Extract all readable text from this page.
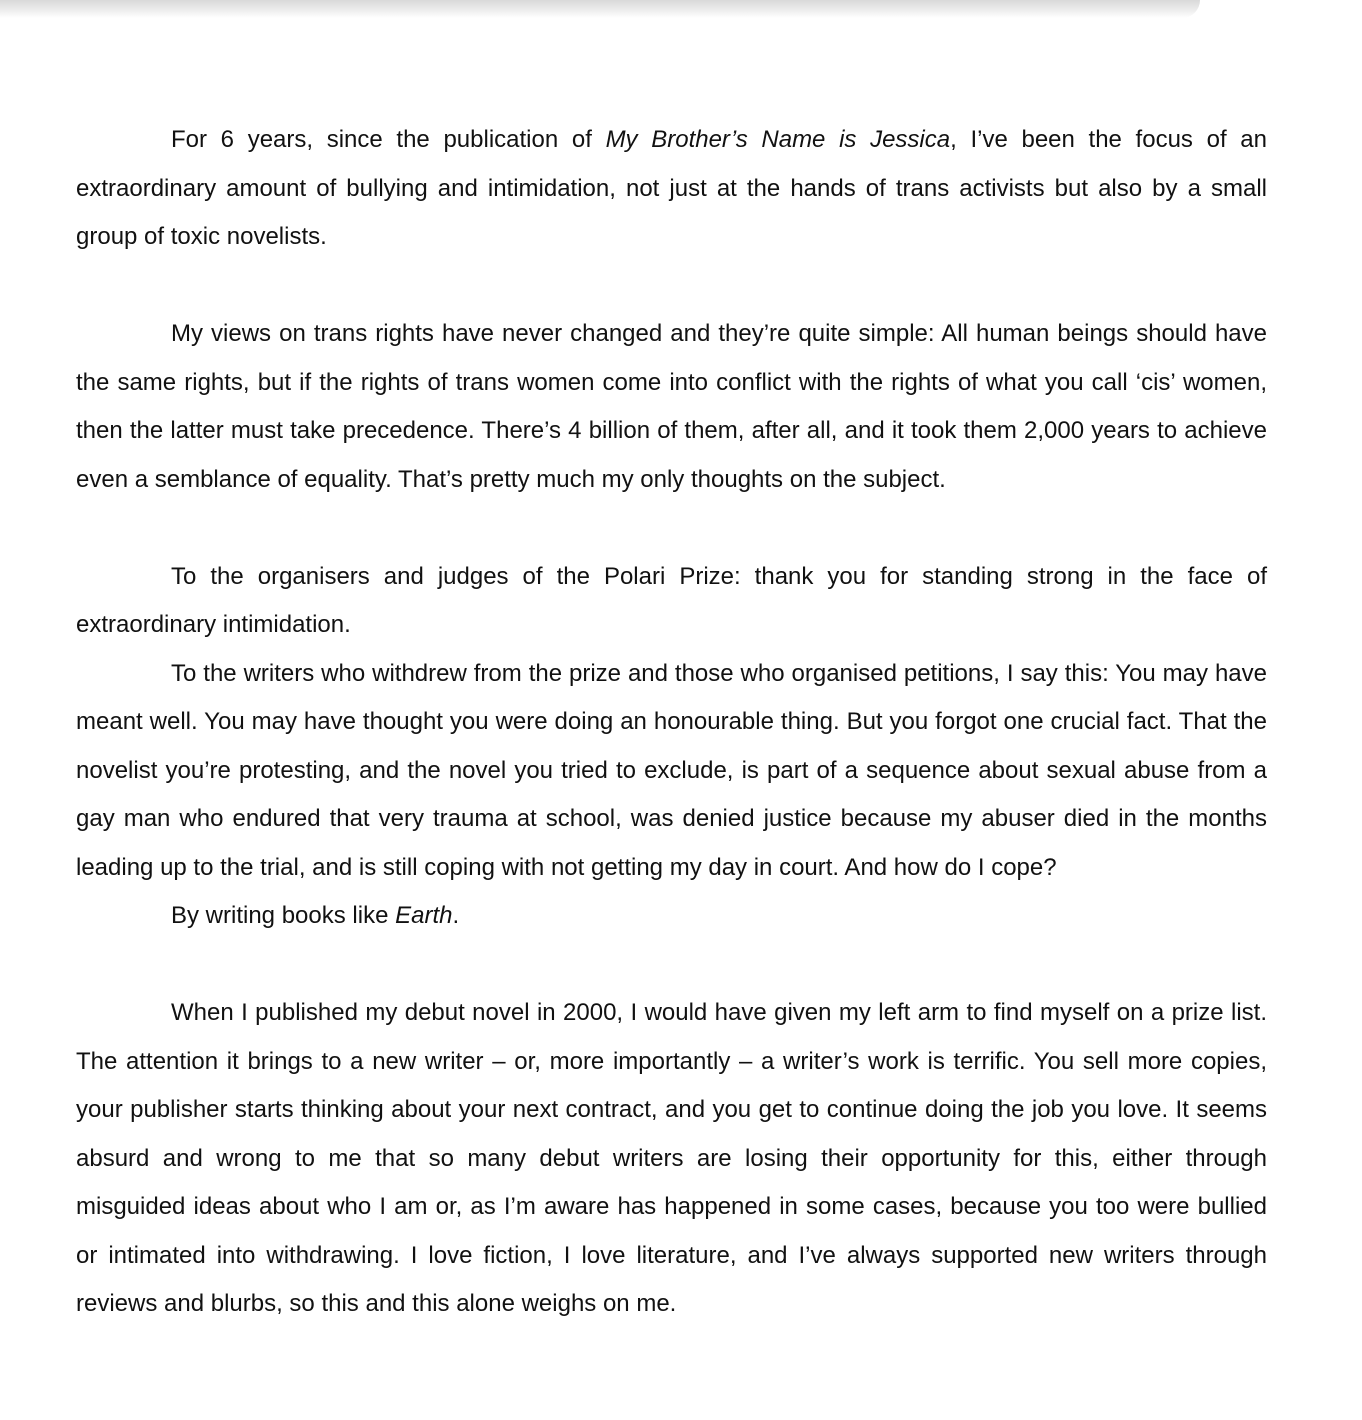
For 6 years, since the publication of My Brother’s Name is Jessica, I’ve been the focus of an extraordinary amount of bullying and intimidation, not just at the hands of trans activists but also by a small group of toxic novelists.

My views on trans rights have never changed and they’re quite simple: All human beings should have the same rights, but if the rights of trans women come into conflict with the rights of what you call ‘cis’ women, then the latter must take precedence. There’s 4 billion of them, after all, and it took them 2,000 years to achieve even a semblance of equality. That’s pretty much my only thoughts on the subject.

To the organisers and judges of the Polari Prize: thank you for standing strong in the face of extraordinary intimidation.

To the writers who withdrew from the prize and those who organised petitions, I say this: You may have meant well. You may have thought you were doing an honourable thing. But you forgot one crucial fact. That the novelist you’re protesting, and the novel you tried to exclude, is part of a sequence about sexual abuse from a gay man who endured that very trauma at school, was denied justice because my abuser died in the months leading up to the trial, and is still coping with not getting my day in court. And how do I cope?

By writing books like Earth.

When I published my debut novel in 2000, I would have given my left arm to find myself on a prize list. The attention it brings to a new writer – or, more importantly – a writer’s work is terrific. You sell more copies, your publisher starts thinking about your next contract, and you get to continue doing the job you love. It seems absurd and wrong to me that so many debut writers are losing their opportunity for this, either through misguided ideas about who I am or, as I’m aware has happened in some cases, because you too were bullied or intimated into withdrawing. I love fiction, I love literature, and I’ve always supported new writers through reviews and blurbs, so this and this alone weighs on me.
